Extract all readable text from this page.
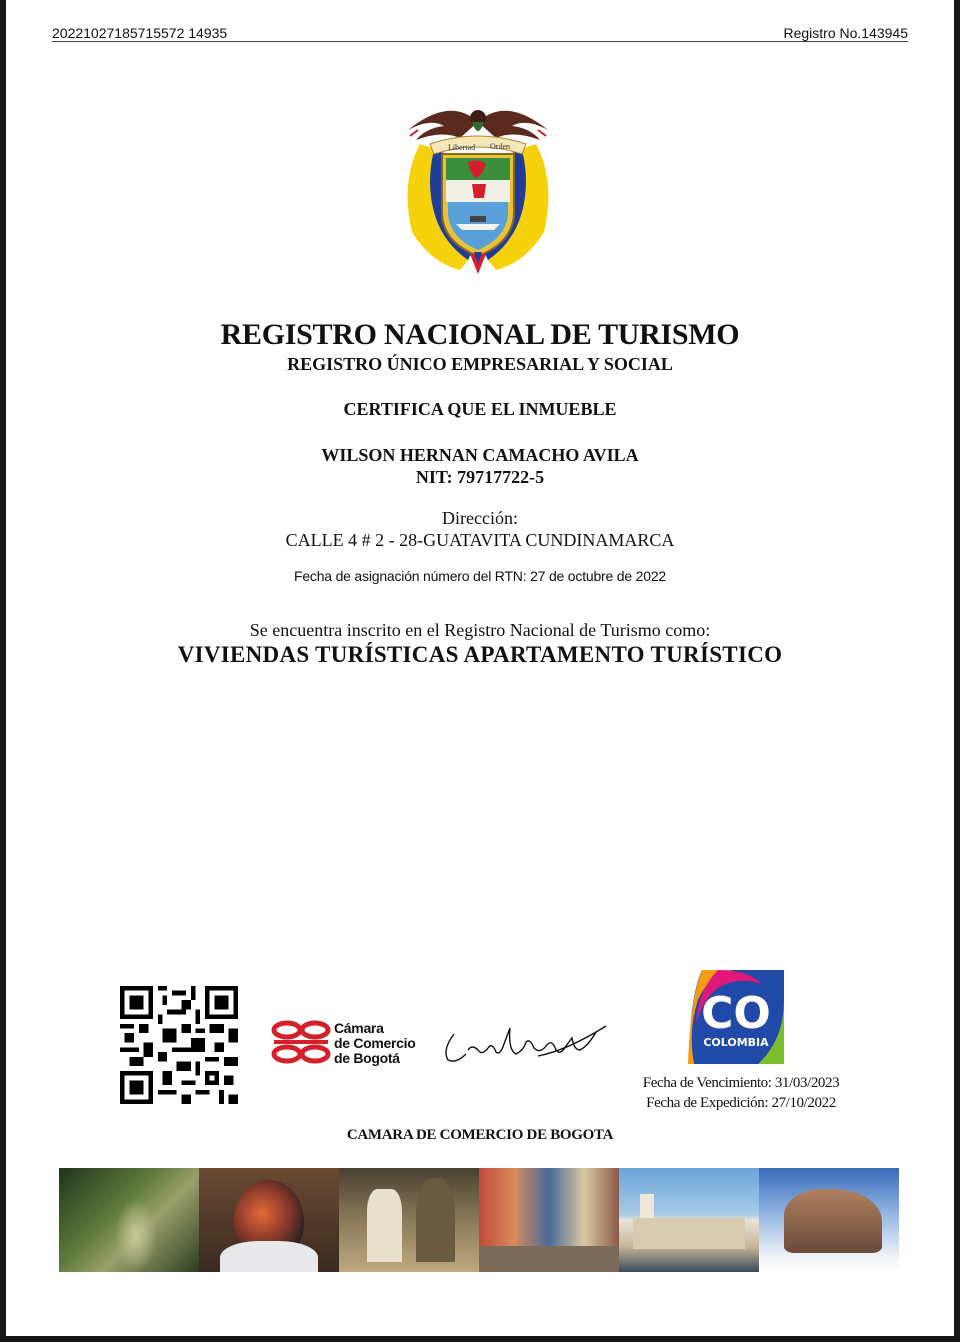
20221027185715572 14935	Registro No.143945
Libertad Orden
REGISTRO NACIONAL DE TURISMO
REGISTRO ÚNICO EMPRESARIAL Y SOCIAL
CERTIFICA QUE EL INMUEBLE
WILSON HERNAN CAMACHO AVILA
NIT: 79717722-5
Dirección:
CALLE 4 # 2 - 28-GUATAVITA CUNDINAMARCA
Fecha de asignación número del RTN: 27 de octubre de 2022
Se encuentra inscrito en el Registro Nacional de Turismo como:
VIVIENDAS TURÍSTICAS APARTAMENTO TURÍSTICO
Cámara
de Comercio
de Bogotá
CO
COLOMBIA
Fecha de Vencimiento: 31/03/2023
Fecha de Expedición: 27/10/2022
CAMARA DE COMERCIO DE BOGOTA
